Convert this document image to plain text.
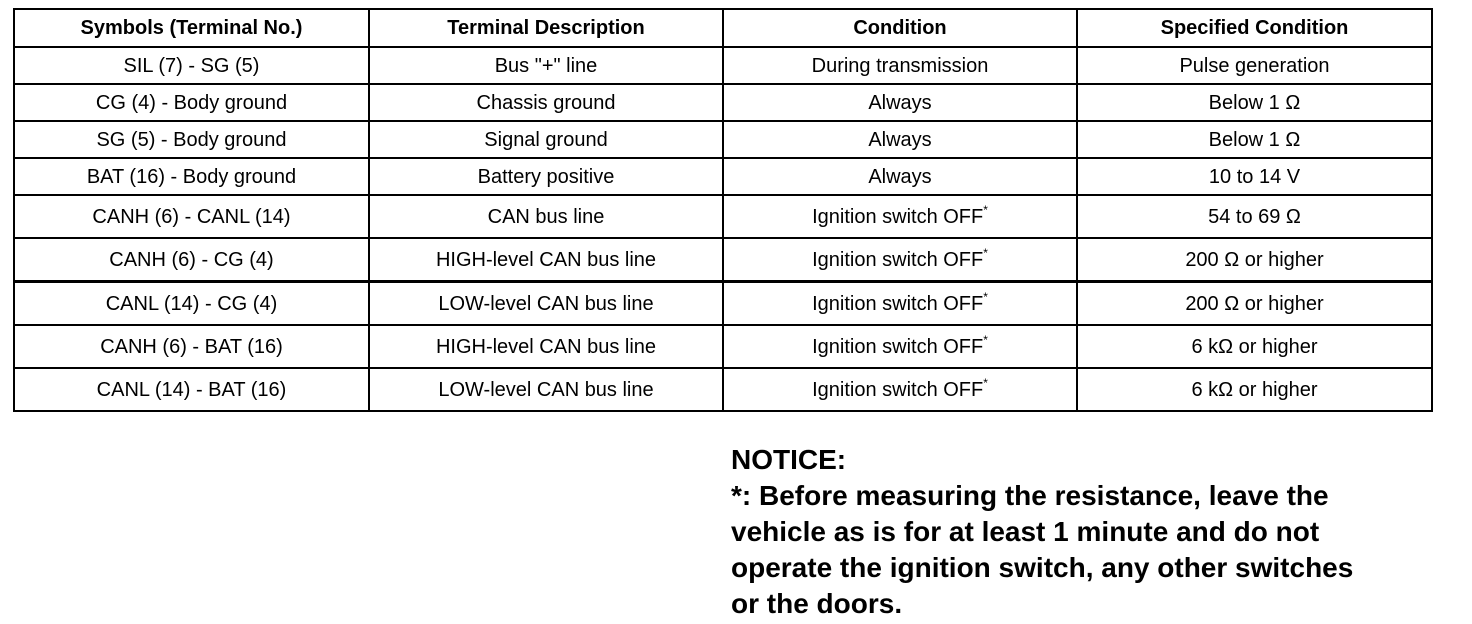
Symbols (Terminal No.)	Terminal Description	Condition	Specified Condition
SIL (7) - SG (5)	Bus "+" line	During transmission	Pulse generation
CG (4) - Body ground	Chassis ground	Always	Below 1 Ω
SG (5) - Body ground	Signal ground	Always	Below 1 Ω
BAT (16) - Body ground	Battery positive	Always	10 to 14 V
CANH (6) - CANL (14)	CAN bus line	Ignition switch OFF*	54 to 69 Ω
CANH (6) - CG (4)	HIGH-level CAN bus line	Ignition switch OFF*	200 Ω or higher
CANL (14) - CG (4)	LOW-level CAN bus line	Ignition switch OFF*	200 Ω or higher
CANH (6) - BAT (16)	HIGH-level CAN bus line	Ignition switch OFF*	6 kΩ or higher
CANL (14) - BAT (16)	LOW-level CAN bus line	Ignition switch OFF*	6 kΩ or higher

NOTICE:

*: Before measuring the resistance, leave the

vehicle as is for at least 1 minute and do not

operate the ignition switch, any other switches

or the doors.
